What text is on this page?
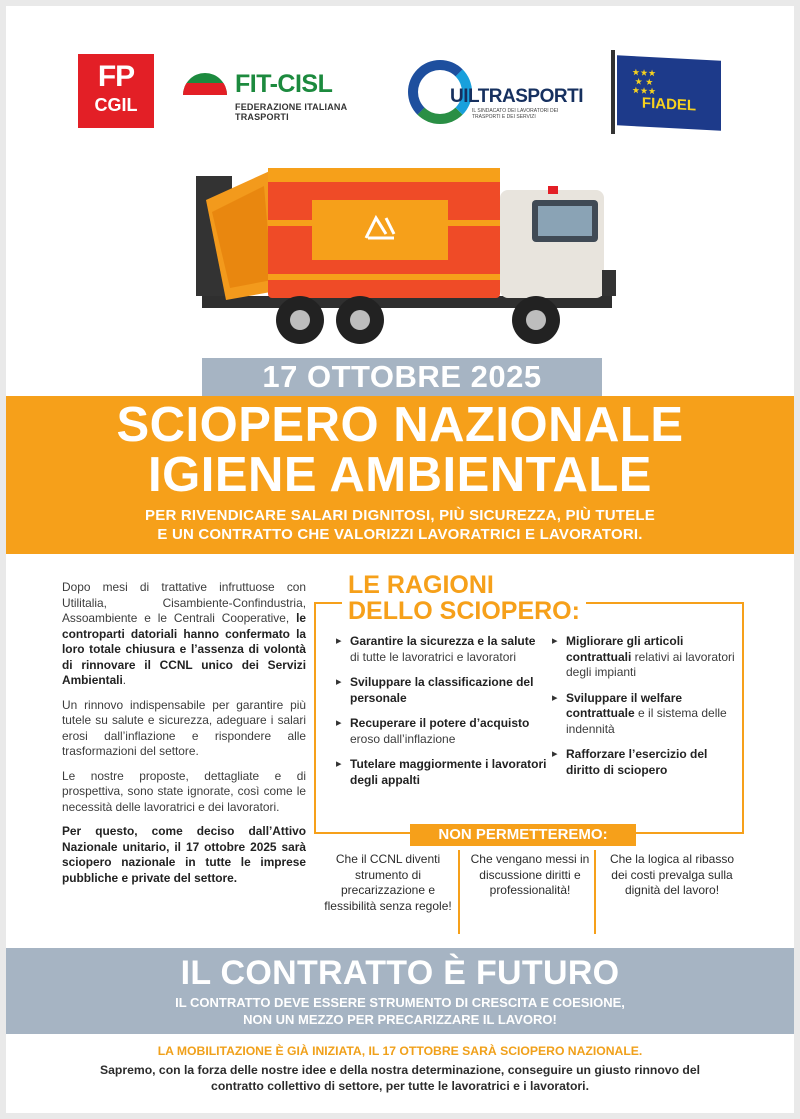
FP
CGIL
FIT-CISL
FEDERAZIONE ITALIANA TRASPORTI
UILTRASPORTI
IL SINDACATO DEI LAVORATORI DEI TRASPORTI E DEI SERVIZI
★★★
★ ★
★★★
FIADEL
17 OTTOBRE 2025
SCIOPERO NAZIONALE
IGIENE AMBIENTALE
PER RIVENDICARE SALARI DIGNITOSI, PIÙ SICUREZZA, PIÙ TUTELE
E UN CONTRATTO CHE VALORIZZI LAVORATRICI E LAVORATORI.

Dopo mesi di trattative infruttuose con Utilitalia, Cisambiente-Confindustria, Assoambiente e le Centrali Cooperative, le controparti datoriali hanno confermato la loro totale chiusura e l’assenza di volontà di rinnovare il CCNL unico dei Servizi Ambientali.

Un rinnovo indispensabile per garantire più tutele su salute e sicurezza, adeguare i salari erosi dall’inflazione e rispondere alle trasformazioni del settore.

Le nostre proposte, dettagliate e di prospettiva, sono state ignorate, così come le necessità delle lavoratrici e dei lavoratori.

Per questo, come deciso dall’Attivo Nazionale unitario, il 17 ottobre 2025 sarà sciopero nazionale in tutte le imprese pubbliche e private del settore.

LE RAGIONI
DELLO SCIOPERO:
▸ Garantire la sicurezza e la salute di tutte le lavoratrici e lavoratori
▸ Sviluppare la classificazione del personale
▸ Recuperare il potere d’acquisto eroso dall’inflazione
▸ Tutelare maggiormente i lavoratori degli appalti
▸ Migliorare gli articoli contrattuali relativi ai lavoratori degli impianti
▸ Sviluppare il welfare contrattuale e il sistema delle indennità
▸ Rafforzare l’esercizio del diritto di sciopero
NON PERMETTEREMO:
Che il CCNL diventi strumento di precarizzazione e flessibilità senza regole!
Che vengano messi in discussione diritti e professionalità!
Che la logica al ribasso dei costi prevalga sulla dignità del lavoro!
IL CONTRATTO È FUTURO
IL CONTRATTO DEVE ESSERE STRUMENTO DI CRESCITA E COESIONE,
NON UN MEZZO PER PRECARIZZARE IL LAVORO!
LA MOBILITAZIONE È GIÀ INIZIATA, IL 17 OTTOBRE SARÀ SCIOPERO NAZIONALE.
Sapremo, con la forza delle nostre idee e della nostra determinazione, conseguire un giusto rinnovo del contratto collettivo di settore, per tutte le lavoratrici e i lavoratori.
